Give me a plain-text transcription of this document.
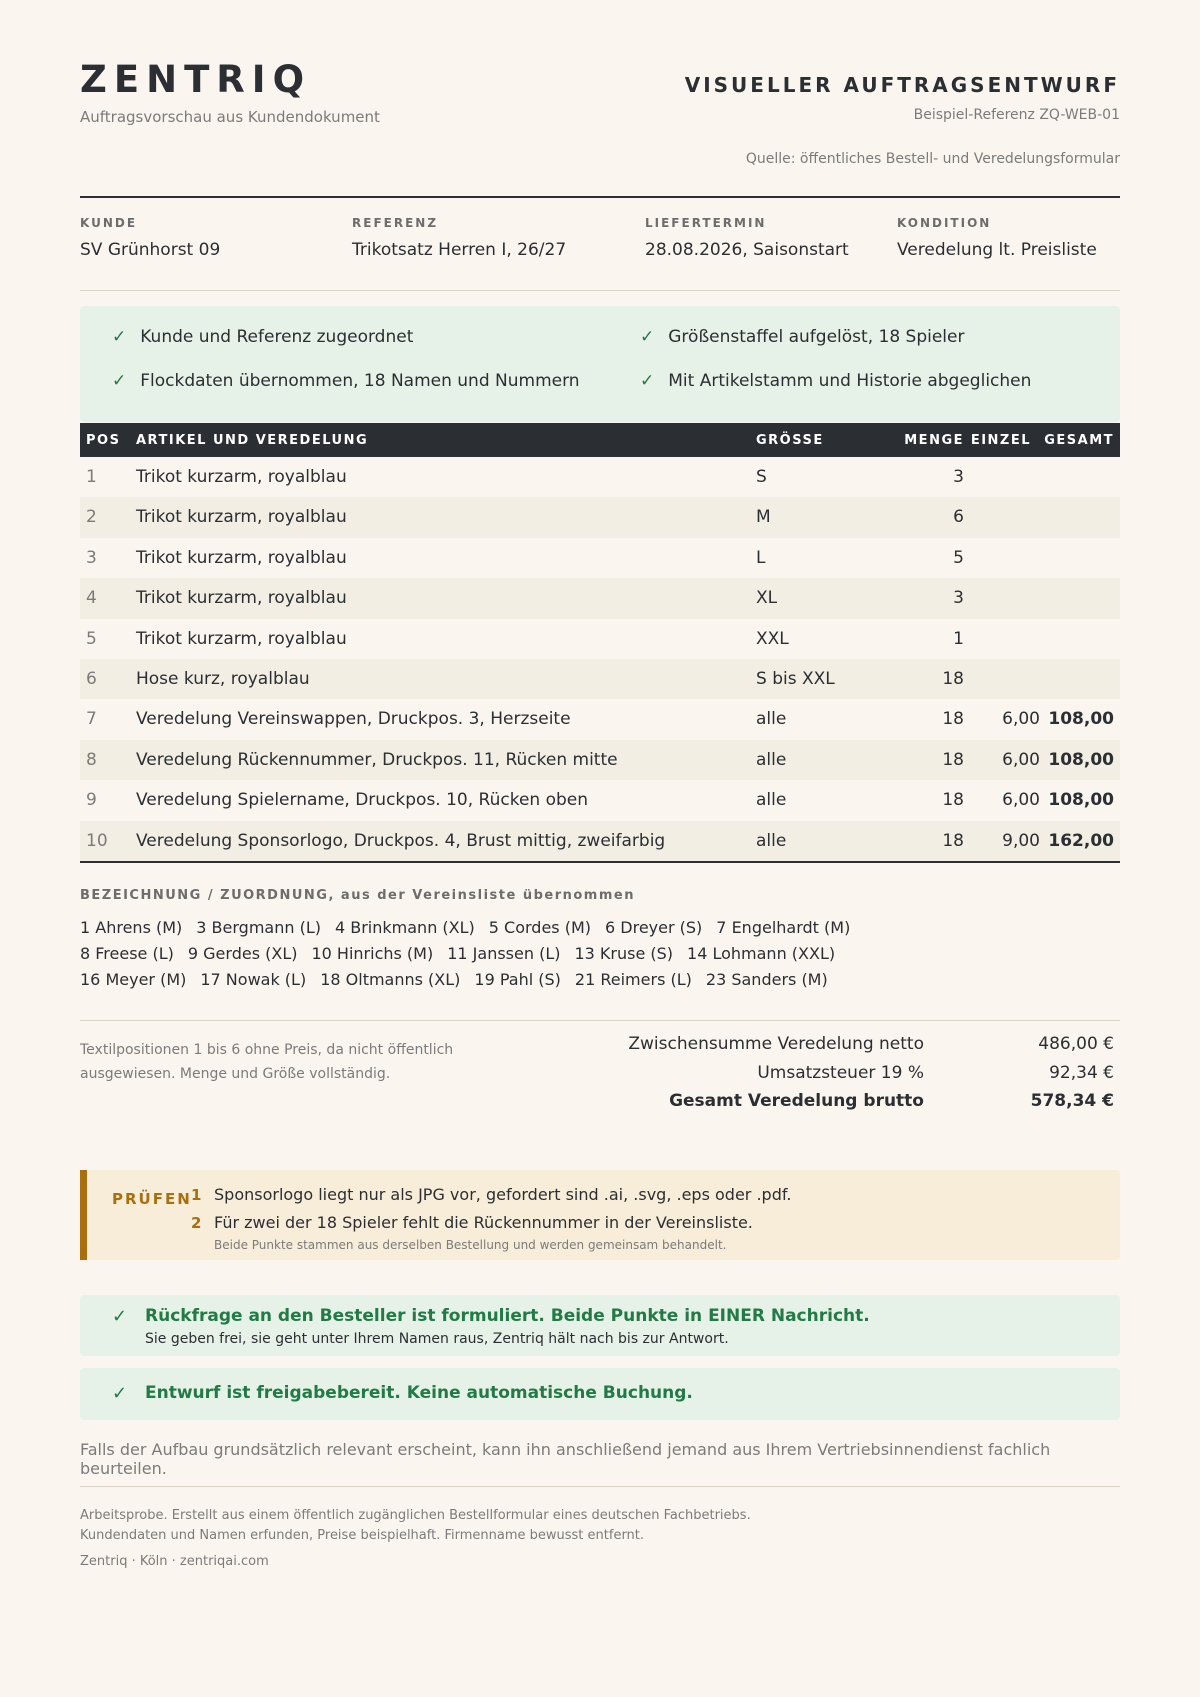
ZENTRIQ
Auftragsvorschau aus Kundendokument
VISUELLER AUFTRAGSENTWURF
Beispiel-Referenz ZQ-WEB-01
Quelle: öffentliches Bestell- und Veredelungsformular
KUNDE
SV Grünhorst 09
REFERENZ
Trikotsatz Herren I, 26/27
LIEFERTERMIN
28.08.2026, Saisonstart
KONDITION
Veredelung lt. Preisliste
✓ Kunde und Referenz zugeordnet	✓ Größenstaffel aufgelöst, 18 Spieler
✓ Flockdaten übernommen, 18 Namen und Nummern	✓ Mit Artikelstamm und Historie abgeglichen
POS ARTIKEL UND VEREDELUNG	GRÖSSE	MENGE EINZEL GESAMT
1 Trikot kurzarm, royalblau	S	3
2 Trikot kurzarm, royalblau	M	6
3 Trikot kurzarm, royalblau	L	5
4 Trikot kurzarm, royalblau	XL	3
5 Trikot kurzarm, royalblau	XXL	1
6 Hose kurz, royalblau	S bis XXL	18
7 Veredelung Vereinswappen, Druckpos. 3, Herzseite	alle	18 6,00 108,00
8 Veredelung Rückennummer, Druckpos. 11, Rücken mitte	alle	18 6,00 108,00
9 Veredelung Spielername, Druckpos. 10, Rücken oben	alle	18 6,00 108,00
10 Veredelung Sponsorlogo, Druckpos. 4, Brust mittig, zweifarbig	alle	18 9,00 162,00
BEZEICHNUNG / ZUORDNUNG, aus der Vereinsliste übernommen
1 Ahrens (M) 3 Bergmann (L) 4 Brinkmann (XL) 5 Cordes (M) 6 Dreyer (S) 7 Engelhardt (M)
8 Freese (L) 9 Gerdes (XL) 10 Hinrichs (M) 11 Janssen (L) 13 Kruse (S) 14 Lohmann (XXL)
16 Meyer (M) 17 Nowak (L) 18 Oltmanns (XL) 19 Pahl (S) 21 Reimers (L) 23 Sanders (M)
Textilpositionen 1 bis 6 ohne Preis, da nicht öffentlich ausgewiesen. Menge und Größe vollständig.
Zwischensumme Veredelung netto	486,00 €
Umsatzsteuer 19 %	92,34 €
Gesamt Veredelung brutto	578,34 €
PRÜFEN 1 Sponsorlogo liegt nur als JPG vor, gefordert sind .ai, .svg, .eps oder .pdf.
2 Für zwei der 18 Spieler fehlt die Rückennummer in der Vereinsliste.
Beide Punkte stammen aus derselben Bestellung und werden gemeinsam behandelt.
✓ Rückfrage an den Besteller ist formuliert. Beide Punkte in EINER Nachricht.
Sie geben frei, sie geht unter Ihrem Namen raus, Zentriq hält nach bis zur Antwort.
✓ Entwurf ist freigabebereit. Keine automatische Buchung.
Falls der Aufbau grundsätzlich relevant erscheint, kann ihn anschließend jemand aus Ihrem Vertriebsinnendienst fachlich beurteilen.
Arbeitsprobe. Erstellt aus einem öffentlich zugänglichen Bestellformular eines deutschen Fachbetriebs.
Kundendaten und Namen erfunden, Preise beispielhaft. Firmenname bewusst entfernt.
Zentriq · Köln · zentriqai.com
